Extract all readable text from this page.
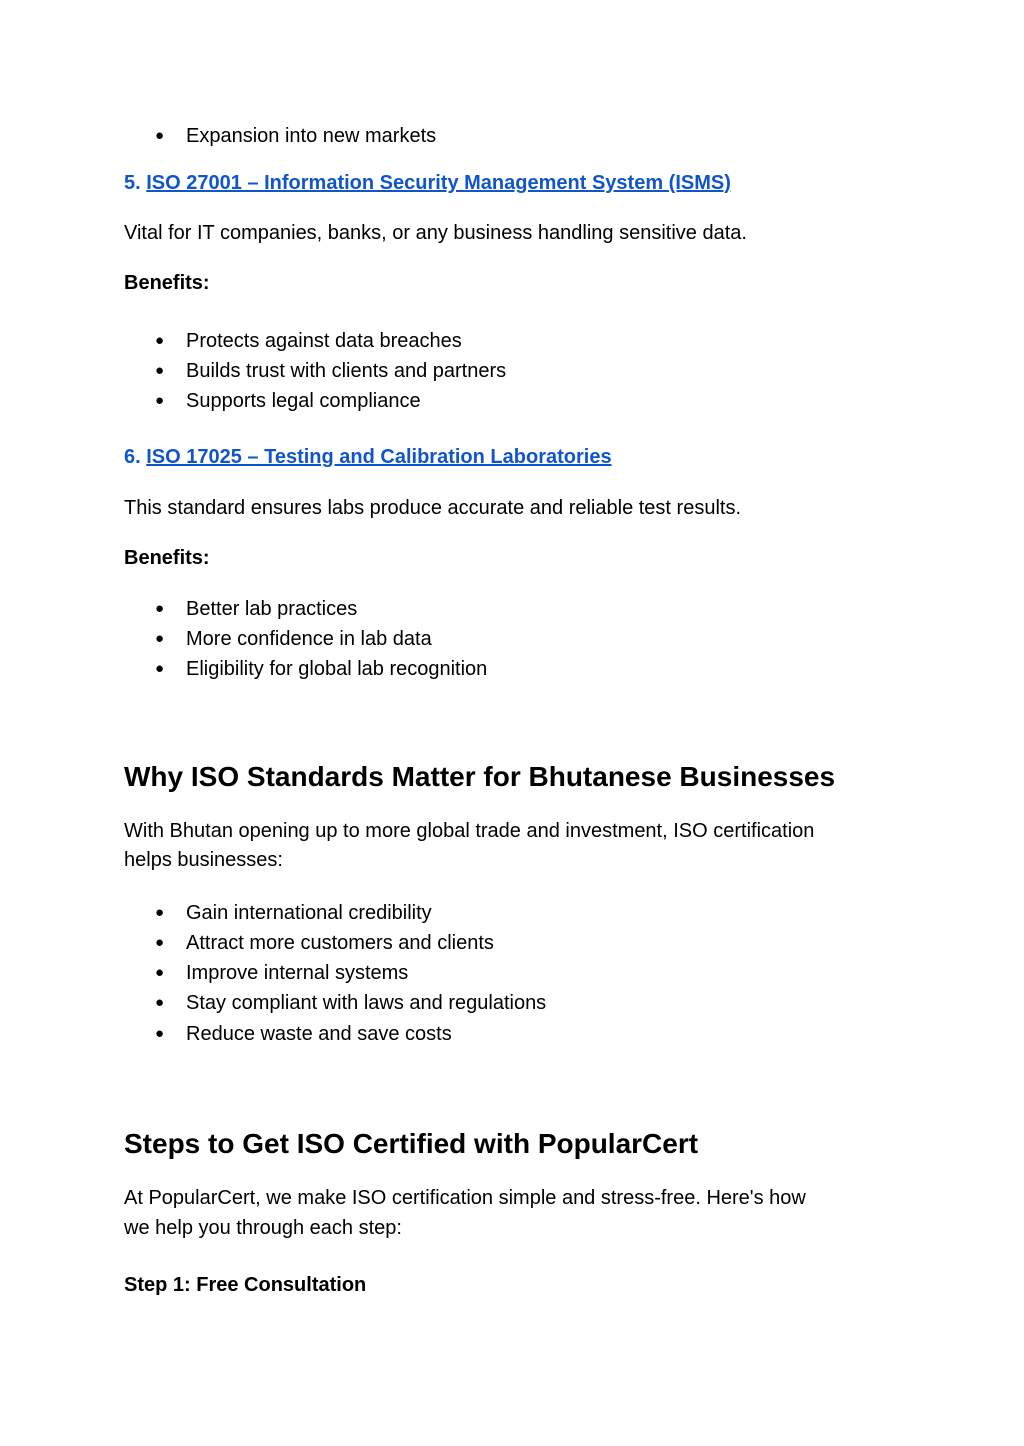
● Expansion into new markets
5. ISO 27001 – Information Security Management System (ISMS)

Vital for IT companies, banks, or any business handling sensitive data.

Benefits:

● Protects against data breaches
● Builds trust with clients and partners
● Supports legal compliance
6. ISO 17025 – Testing and Calibration Laboratories

This standard ensures labs produce accurate and reliable test results.

Benefits:

● Better lab practices
● More confidence in lab data
● Eligibility for global lab recognition
Why ISO Standards Matter for Bhutanese Businesses

With Bhutan opening up to more global trade and investment, ISO certification

helps businesses:

● Gain international credibility
● Attract more customers and clients
● Improve internal systems
● Stay compliant with laws and regulations
● Reduce waste and save costs
Steps to Get ISO Certified with PopularCert

At PopularCert, we make ISO certification simple and stress-free. Here's how

we help you through each step:

Step 1: Free Consultation
